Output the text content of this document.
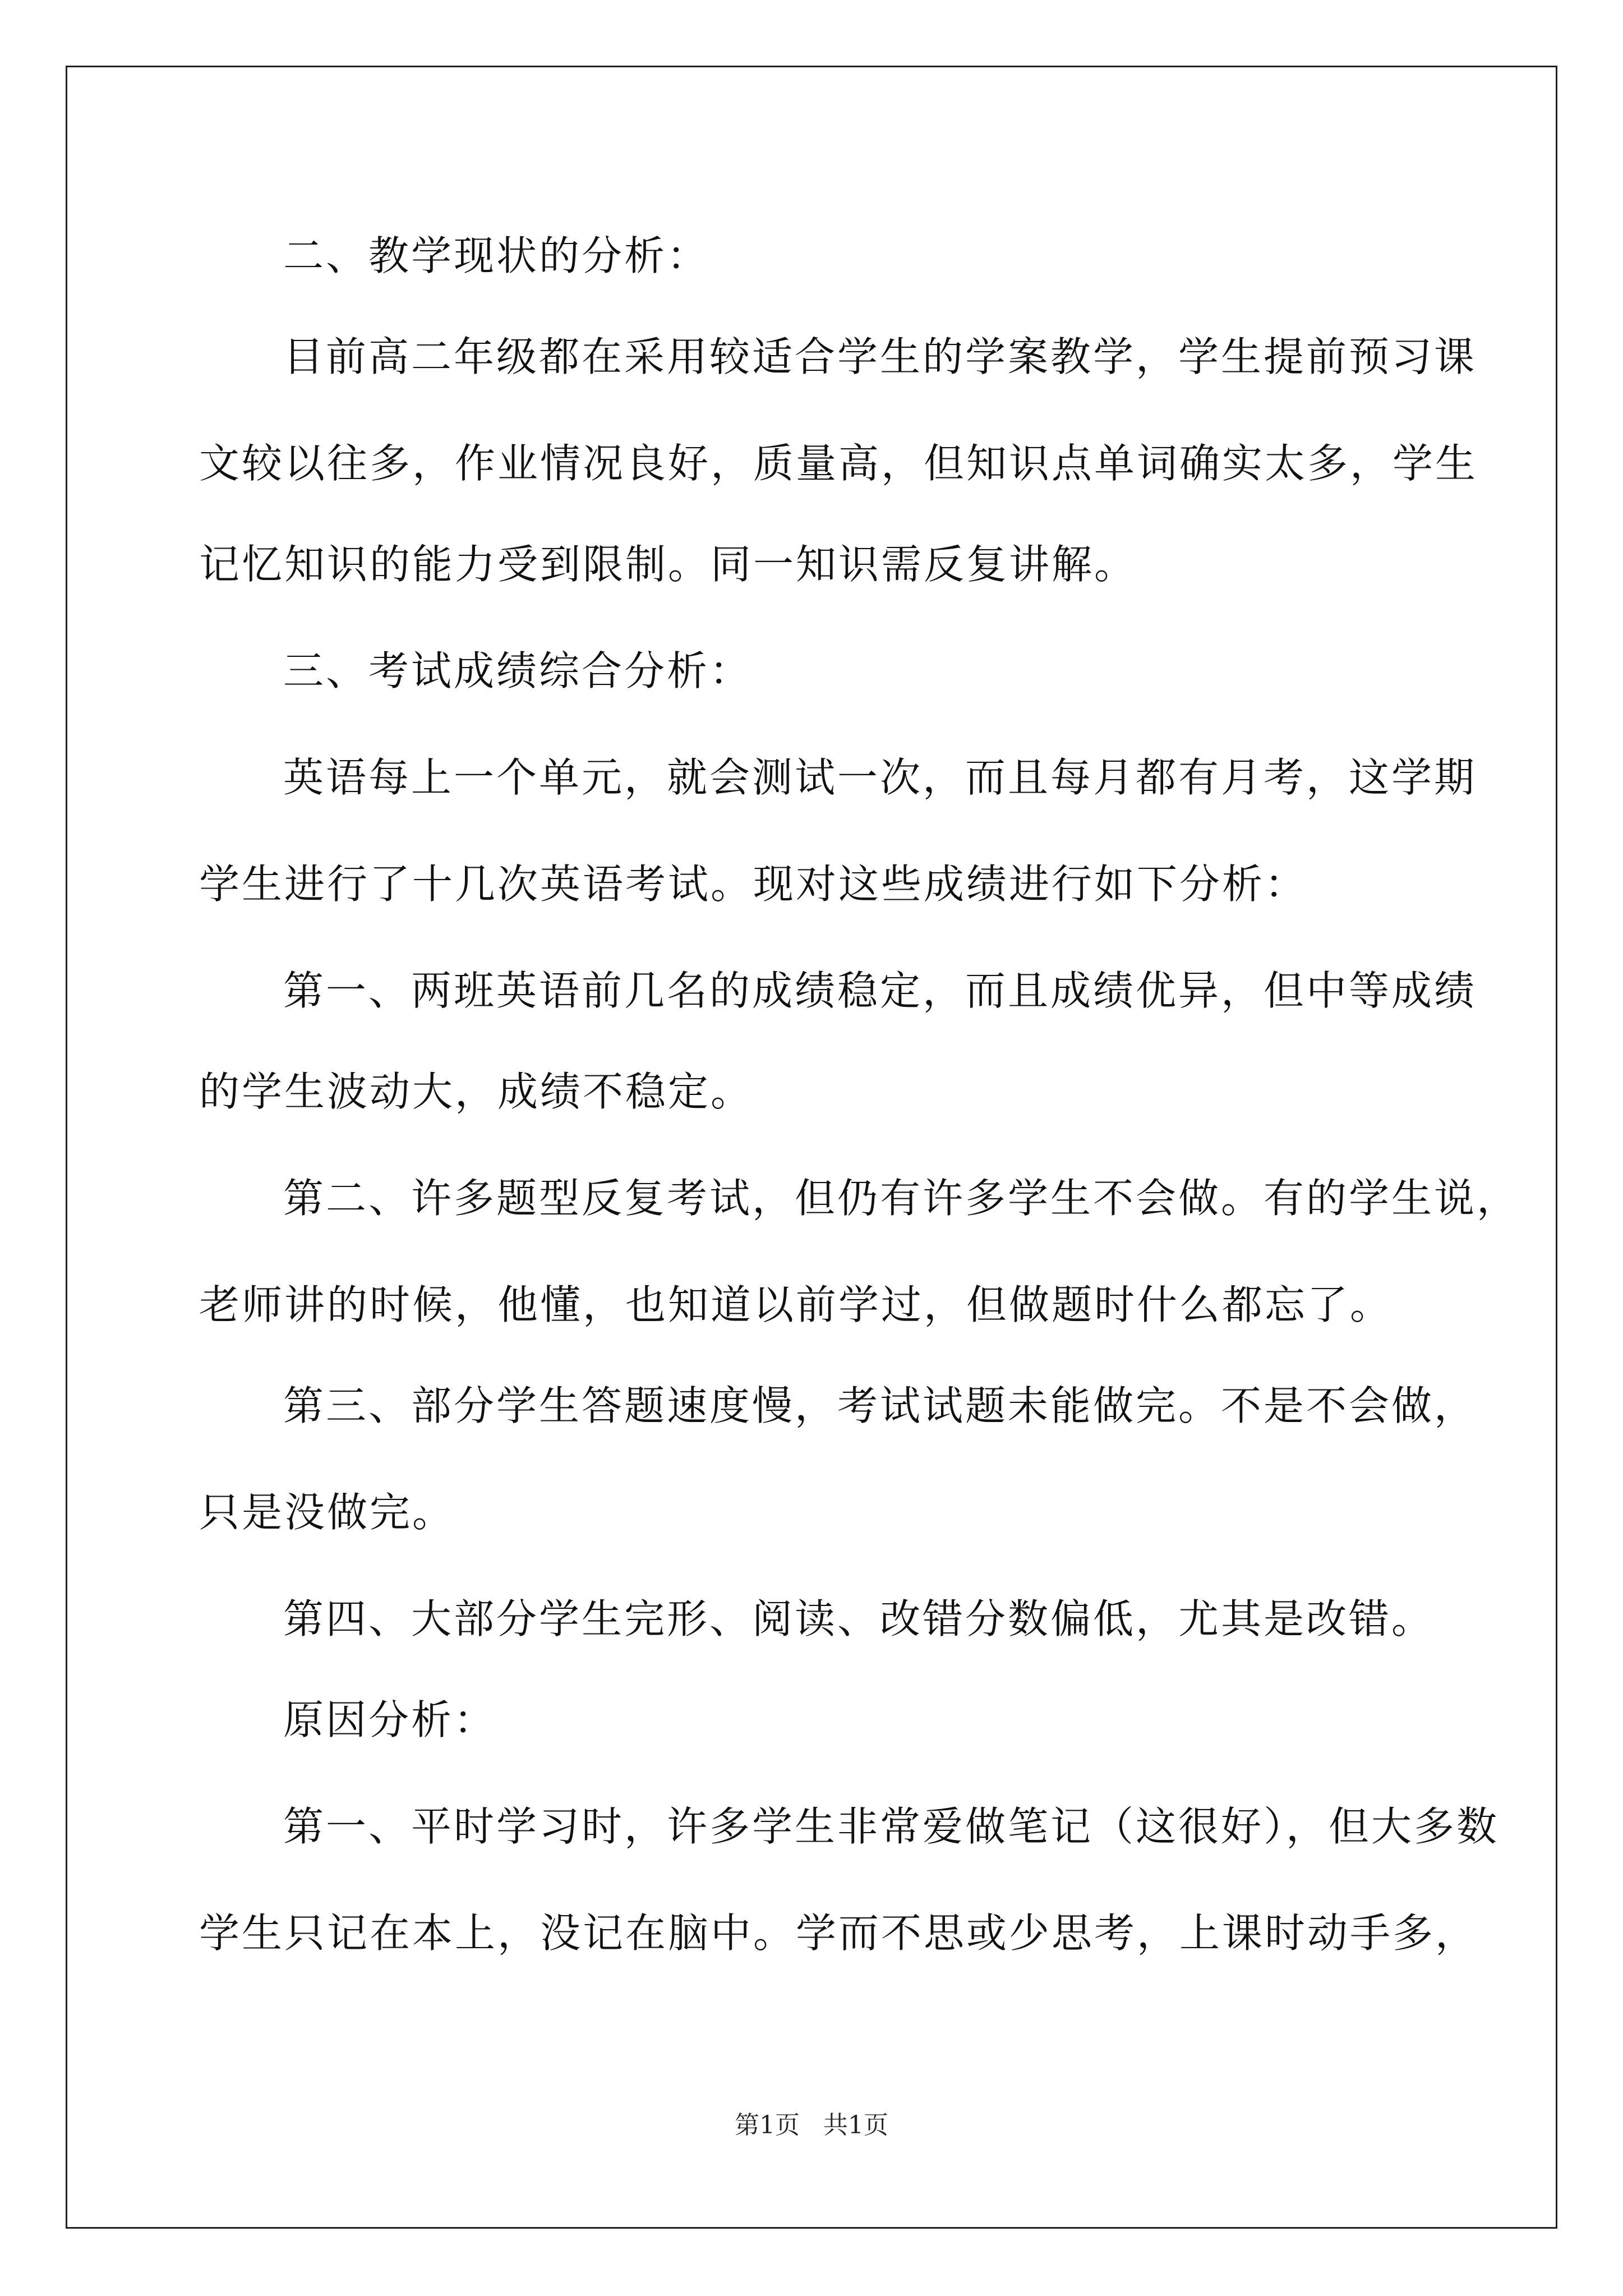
二、教学现状的分析：
目前高二年级都在采用较适合学生的学案教学，学生提前预习课
文较以往多，作业情况良好，质量高，但知识点单词确实太多，学生
记忆知识的能力受到限制。同一知识需反复讲解。
三、考试成绩综合分析：
英语每上一个单元，就会测试一次，而且每月都有月考，这学期
学生进行了十几次英语考试。现对这些成绩进行如下分析：
第一、两班英语前几名的成绩稳定，而且成绩优异，但中等成绩
的学生波动大，成绩不稳定。
第二、许多题型反复考试，但仍有许多学生不会做。有的学生说，
老师讲的时候，他懂，也知道以前学过，但做题时什么都忘了。
第三、部分学生答题速度慢，考试试题未能做完。不是不会做，
只是没做完。
第四、大部分学生完形、阅读、改错分数偏低，尤其是改错。
原因分析：
第一、平时学习时，许多学生非常爱做笔记（这很好），但大多数
学生只记在本上，没记在脑中。学而不思或少思考，上课时动手多，
第1页   共1页
